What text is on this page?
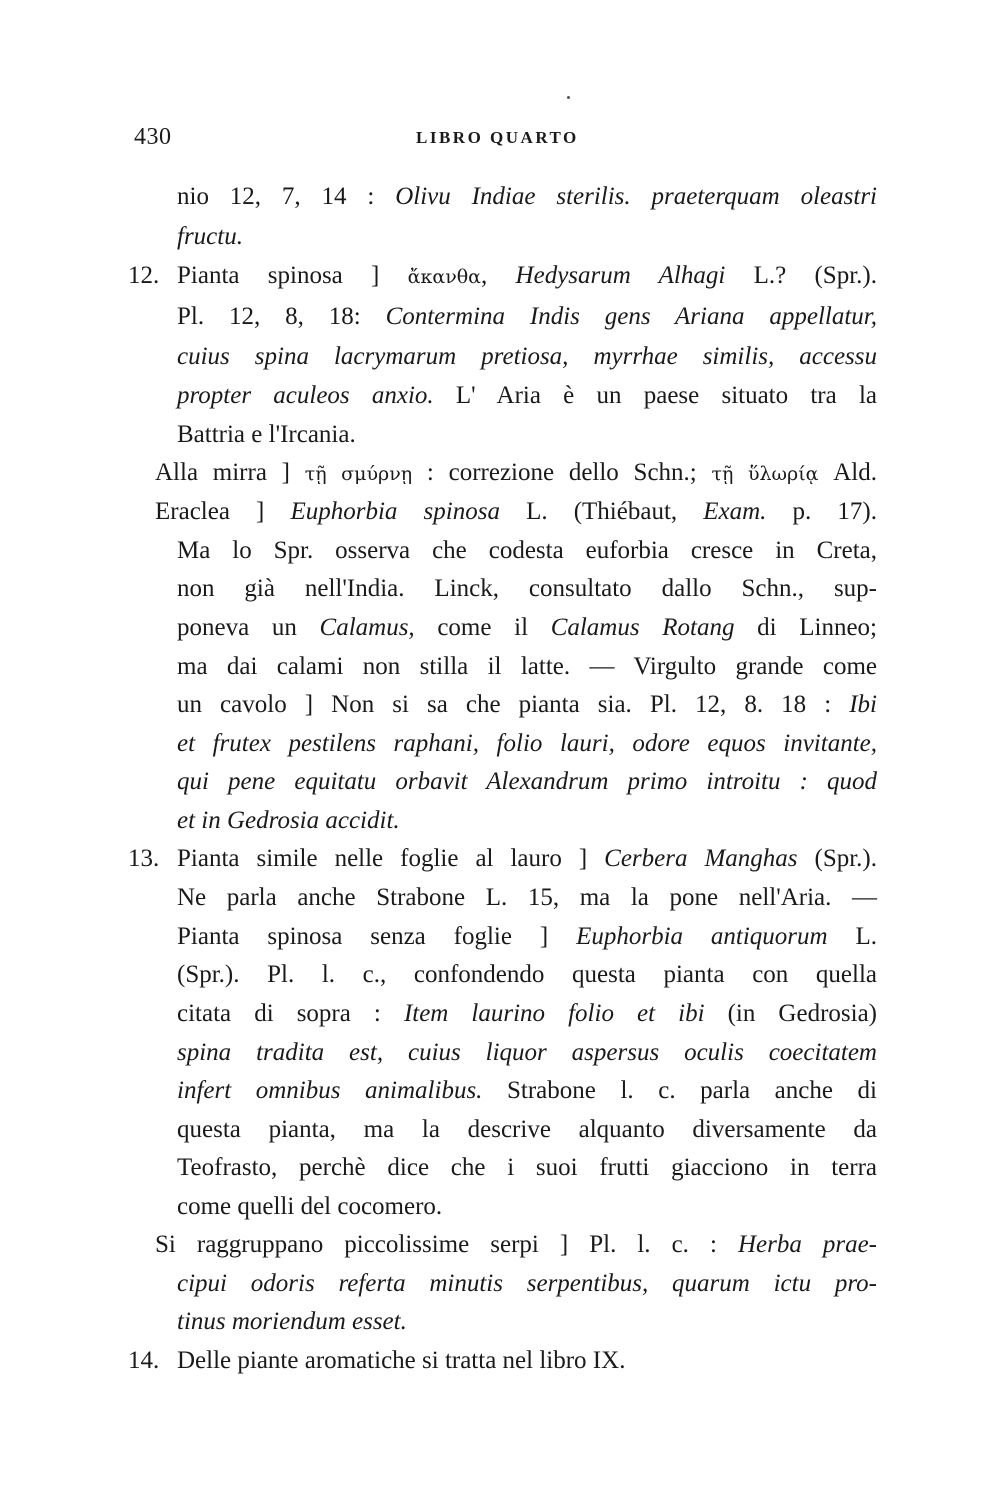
430	LIBRO QUARTO
nio 12, 7, 14 : Olivu Indiae sterilis. praeterquam oleastri
fructu.
12. Pianta spinosa ] ἄκανθα, Hedysarum Alhagi L.? (Spr.).
Pl. 12, 8, 18: Contermina Indis gens Ariana appellatur,
cuius spina lacrymarum pretiosa, myrrhae similis, accessu
propter aculeos anxio. L' Aria è un paese situato tra la
Battria e l'Ircania.
Alla mirra ] τῇ σμύρνῃ : correzione dello Schn.; τῇ ὕλωρίᾳ Ald.
Eraclea ] Euphorbia spinosa L. (Thiébaut, Exam. p. 17).
Ma lo Spr. osserva che codesta euforbia cresce in Creta,
non già nell'India. Linck, consultato dallo Schn., sup-
poneva un Calamus, come il Calamus Rotang di Linneo;
ma dai calami non stilla il latte. — Virgulto grande come
un cavolo ] Non si sa che pianta sia. Pl. 12, 8. 18 : Ibi
et frutex pestilens raphani, folio lauri, odore equos invitante,
qui pene equitatu orbavit Alexandrum primo introitu : quod
et in Gedrosia accidit.
13. Pianta simile nelle foglie al lauro ] Cerbera Manghas (Spr.).
Ne parla anche Strabone L. 15, ma la pone nell'Aria. —
Pianta spinosa senza foglie ] Euphorbia antiquorum L.
(Spr.). Pl. l. c., confondendo questa pianta con quella
citata di sopra : Item laurino folio et ibi (in Gedrosia)
spina tradita est, cuius liquor aspersus oculis coecitatem
infert omnibus animalibus. Strabone l. c. parla anche di
questa pianta, ma la descrive alquanto diversamente da
Teofrasto, perchè dice che i suoi frutti giacciono in terra
come quelli del cocomero.
Si raggruppano piccolissime serpi ] Pl. l. c. : Herba prae-
cipui odoris referta minutis serpentibus, quarum ictu pro-
tinus moriendum esset.
14. Delle piante aromatiche si tratta nel libro IX.
